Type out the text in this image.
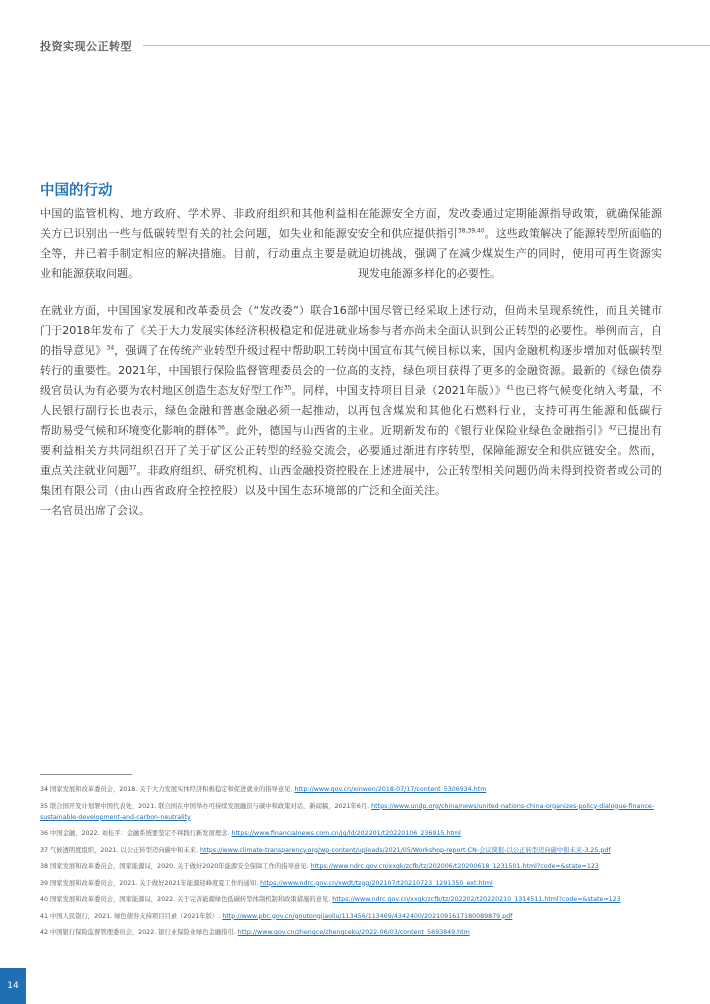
投资实现公正转型
中国的行动

中国的监管机构、地方政府、学术界、非政府组织和其他利益相关方已识别出一些与低碳转型有关的社会问题，如失业和能源安全等，并已着手制定相应的解决措施。目前，行动重点主要是就业和能源获取问题。

在就业方面，中国国家发展和改革委员会（“发改委”）联合16部门于2018年发布了《关于大力发展实体经济积极稳定和促进就业的指导意见》$^{34}$，强调了在传统产业转型升级过程中帮助职工转岗转行的重要性。2021年，中国银行保险监督管理委员会的一位高级官员认为有必要为农村地区创造生态友好型工作$^{35}$。同样，中国人民银行副行长也表示，绿色金融和普惠金融必须一起推动，以帮助易受气候和环境变化影响的群体$^{36}$。此外，德国与山西省的主要利益相关方共同组织召开了关于矿区公正转型的经验交流会，重点关注就业问题$^{37}$。非政府组织、研究机构、山西金融投资控股集团有限公司（由山西省政府全控控股）以及中国生态环境部的一名官员出席了会议。

在能源安全方面，发改委通过定期能源指导政策，就确保能源安全和供应提供指引$^{38,39,40}$。这些政策解决了能源转型所面临的迫切挑战，强调了在减少煤炭生产的同时，使用可再生资源实现发电能源多样化的必要性。

中国尽管已经采取上述行动，但尚未呈现系统性，而且关键市场参与者亦尚未全面认识到公正转型的必要性。举例而言，自中国宣布其气候目标以来，国内金融机构逐步增加对低碳转型的支持，绿色项目获得了更多的金融资源。最新的《绿色债券支持项目目录（2021年版）》$^{41}$也已将气候变化纳入考量，不再包含煤炭和其他化石燃料行业，支持可再生能源和低碳行业。近期新发布的《银行业保险业绿色金融指引》$^{42}$已提出有必要通过渐进有序转型，保障能源安全和供应链安全。然而，在上述进展中，公正转型相关问题仍尚未得到投资者或公司的广泛和全面关注。

34 国家发展和改革委员会，2018. 关于大力发展实体经济积极稳定和促进就业的指导意见. http://www.gov.cn/xinwen/2018-07/17/content_5306934.htm
35 联合国开发计划署中国代表处，2021. 联合国在中国举办可持续发展融资与碳中和政策对话，新闻稿，2021年6月. https://www.undp.org/china/news/united-nations-china-organizes-policy-dialogue-finance-sustainable-development-and-carbon-neutrality
36 中国金融，2022. 刘桂平：金融系统要坚定不移践行新发展理念. https://www.financialnews.com.cn/jg/ld/202201/t20220106_236915.html
37 气候透明度组织，2021. 以公正转型迈向碳中和未来. https://www.climate-transparency.org/wp-content/uploads/2021/05/Workshop-report-CN-会议简报-以公正转型迈向碳中和未来-3.25.pdf
38 国家发展和改革委员会，国家能源局，2020. 关于做好2020年能源安全保障工作的指导意见. https://www.ndrc.gov.cn/xxgk/zcfb/tz/202006/t20200618_1231501.html?code=&state=123
39 国家发展和改革委员会，2021. 关于做好2021年能源迎峰度夏工作的通知. https://www.ndrc.gov.cn/xwdt/tzgg/202107/t20210723_1291350_ext.html
40 国家发展和改革委员会，国家能源局，2022. 关于完善能源绿色低碳转型体制机制和政策措施的意见. https://www.ndrc.gov.cn/xxgk/zcfb/tz/202202/t20220210_1314511.html?code=&state=123
41 中国人民银行，2021. 绿色债券支持项目目录（2021年版）. http://www.pbc.gov.cn/goutongjiaoliu/113456/113469/4342400/2021091617180089879.pdf
42 中国银行保险监督管理委员会，2022. 银行业保险业绿色金融指引. http://www.gov.cn/zhengce/zhengceku/2022-06/03/content_5693849.htm
14
